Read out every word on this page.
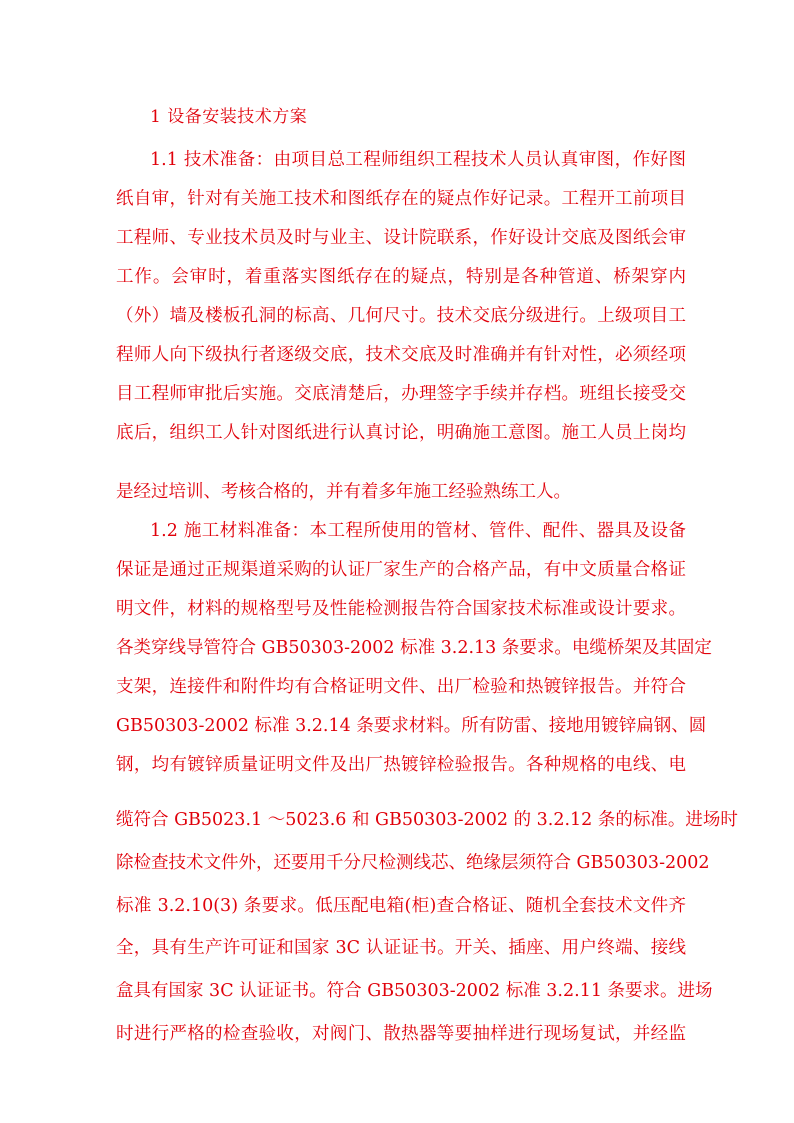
1 设备安装技术方案
1.1 技术准备：由项目总工程师组织工程技术人员认真审图，作好图
纸自审，针对有关施工技术和图纸存在的疑点作好记录。工程开工前项目
工程师、专业技术员及时与业主、设计院联系，作好设计交底及图纸会审
工作。会审时，着重落实图纸存在的疑点，特别是各种管道、桥架穿内
（外）墙及楼板孔洞的标高、几何尺寸。技术交底分级进行。上级项目工
程师人向下级执行者逐级交底，技术交底及时准确并有针对性，必须经项
目工程师审批后实施。交底清楚后，办理签字手续并存档。班组长接受交
底后，组织工人针对图纸进行认真讨论，明确施工意图。施工人员上岗均
是经过培训、考核合格的，并有着多年施工经验熟练工人。
1.2 施工材料准备：本工程所使用的管材、管件、配件、器具及设备
保证是通过正规渠道采购的认证厂家生产的合格产品，有中文质量合格证
明文件，材料的规格型号及性能检测报告符合国家技术标准或设计要求。
各类穿线导管符合 GB50303-2002 标准 3.2.13 条要求。电缆桥架及其固定
支架，连接件和附件均有合格证明文件、出厂检验和热镀锌报告。并符合
GB50303-2002 标准 3.2.14 条要求材料。所有防雷、接地用镀锌扁钢、圆
钢，均有镀锌质量证明文件及出厂热镀锌检验报告。各种规格的电线、电
缆符合 GB5023.1 ～5023.6 和 GB50303-2002 的 3.2.12 条的标准。进场时
除检查技术文件外，还要用千分尺检测线芯、绝缘层须符合 GB50303-2002
标准 3.2.10(3) 条要求。低压配电箱(柜)查合格证、随机全套技术文件齐
全，具有生产许可证和国家 3C 认证证书。开关、插座、用户终端、接线
盒具有国家 3C 认证证书。符合 GB50303-2002 标准 3.2.11 条要求。进场
时进行严格的检查验收，对阀门、散热器等要抽样进行现场复试，并经监
